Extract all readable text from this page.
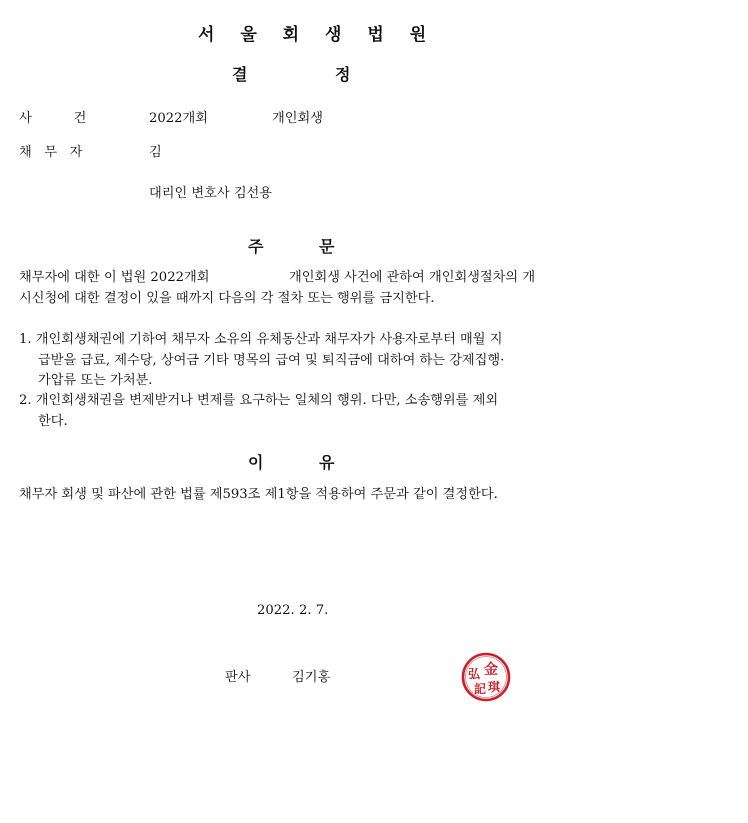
서 울 회 생 법 원
결	정
사          건	2022개회	개인회생
채   무   자	김
대리인 변호사 김선용
주	문
채무자에 대한 이 법원 2022개회	개인회생 사건에 관하여 개인회생절차의 개
시신청에 대한 결정이 있을 때까지 다음의 각 절차 또는 행위를 금지한다.
1. 개인회생채권에 기하여 채무자 소유의 유체동산과 채무자가 사용자로부터 매월 지
급받을 급료, 제수당, 상여금 기타 명목의 급여 및 퇴직금에 대하여 하는 강제집행·
가압류 또는 가처분.
2. 개인회생채권을 변제받거나 변제를 요구하는 일체의 행위. 다만, 소송행위를 제외
한다.
이	유
채무자 회생 및 파산에 관한 법률 제593조 제1항을 적용하여 주문과 같이 결정한다.
2022. 2. 7.
판사	김기홍	金
弘
記 琪
